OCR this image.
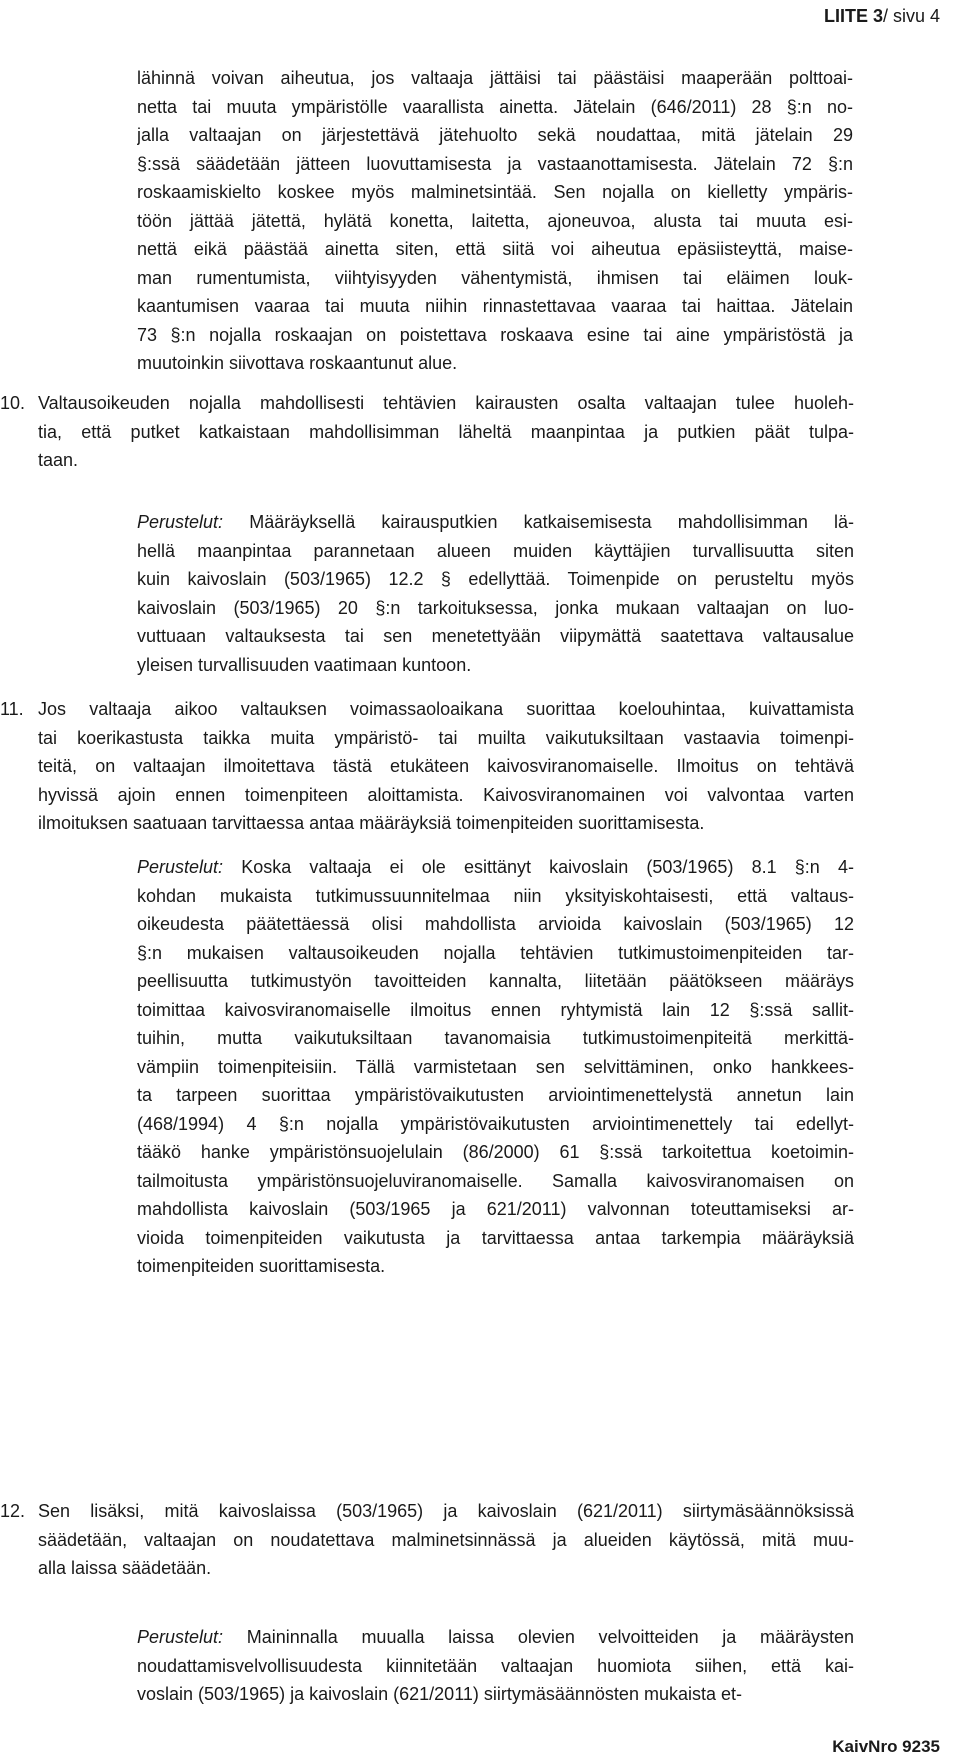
LIITE 3/ sivu 4
lähinnä voivan aiheutua, jos valtaaja jättäisi tai päästäisi maaperään polttoai-
netta tai muuta ympäristölle vaarallista ainetta. Jätelain (646/2011) 28 §:n no-
jalla valtaajan on järjestettävä jätehuolto sekä noudattaa, mitä jätelain 29
§:ssä säädetään jätteen luovuttamisesta ja vastaanottamisesta. Jätelain 72 §:n
roskaamiskielto koskee myös malminetsintää. Sen nojalla on kielletty ympäris-
töön jättää jätettä, hylätä konetta, laitetta, ajoneuvoa, alusta tai muuta esi-
nettä eikä päästää ainetta siten, että siitä voi aiheutua epäsiisteyttä, maise-
man rumentumista, viihtyisyyden vähentymistä, ihmisen tai eläimen louk-
kaantumisen vaaraa tai muuta niihin rinnastettavaa vaaraa tai haittaa. Jätelain
73 §:n nojalla roskaajan on poistettava roskaava esine tai aine ympäristöstä ja
muutoinkin siivottava roskaantunut alue.
10. Valtausoikeuden nojalla mahdollisesti tehtävien kairausten osalta valtaajan tulee huoleh-
tia, että putket katkaistaan mahdollisimman läheltä maanpintaa ja putkien päät tulpa-
taan.
Perustelut: Määräyksellä kairausputkien katkaisemisesta mahdollisimman lä-
hellä maanpintaa parannetaan alueen muiden käyttäjien turvallisuutta siten
kuin kaivoslain (503/1965) 12.2 § edellyttää. Toimenpide on perusteltu myös
kaivoslain (503/1965) 20 §:n tarkoituksessa, jonka mukaan valtaajan on luo-
vuttuaan valtauksesta tai sen menetettyään viipymättä saatettava valtausalue
yleisen turvallisuuden vaatimaan kuntoon.
11. Jos valtaaja aikoo valtauksen voimassaoloaikana suorittaa koelouhintaa, kuivattamista
tai koerikastusta taikka muita ympäristö- tai muilta vaikutuksiltaan vastaavia toimenpi-
teitä, on valtaajan ilmoitettava tästä etukäteen kaivosviranomaiselle. Ilmoitus on tehtävä
hyvissä ajoin ennen toimenpiteen aloittamista. Kaivosviranomainen voi valvontaa varten
ilmoituksen saatuaan tarvittaessa antaa määräyksiä toimenpiteiden suorittamisesta.
Perustelut: Koska valtaaja ei ole esittänyt kaivoslain (503/1965) 8.1 §:n 4-
kohdan mukaista tutkimussuunnitelmaa niin yksityiskohtaisesti, että valtaus-
oikeudesta päätettäessä olisi mahdollista arvioida kaivoslain (503/1965) 12
§:n mukaisen valtausoikeuden nojalla tehtävien tutkimustoimenpiteiden tar-
peellisuutta tutkimustyön tavoitteiden kannalta, liitetään päätökseen määräys
toimittaa kaivosviranomaiselle ilmoitus ennen ryhtymistä lain 12 §:ssä sallit-
tuihin, mutta vaikutuksiltaan tavanomaisia tutkimustoimenpiteitä merkittä-
vämpiin toimenpiteisiin. Tällä varmistetaan sen selvittäminen, onko hankkees-
ta tarpeen suorittaa ympäristövaikutusten arviointimenettelystä annetun lain
(468/1994) 4 §:n nojalla ympäristövaikutusten arviointimenettely tai edellyt-
tääkö hanke ympäristönsuojelulain (86/2000) 61 §:ssä tarkoitettua koetoimin-
tailmoitusta ympäristönsuojeluviranomaiselle. Samalla kaivosviranomaisen on
mahdollista kaivoslain (503/1965 ja 621/2011) valvonnan toteuttamiseksi ar-
vioida toimenpiteiden vaikutusta ja tarvittaessa antaa tarkempia määräyksiä
toimenpiteiden suorittamisesta.
12. Sen lisäksi, mitä kaivoslaissa (503/1965) ja kaivoslain (621/2011) siirtymäsäännöksissä
säädetään, valtaajan on noudatettava malminetsinnässä ja alueiden käytössä, mitä muu-
alla laissa säädetään.
Perustelut: Maininnalla muualla laissa olevien velvoitteiden ja määräysten
noudattamisvelvollisuudesta kiinnitetään valtaajan huomiota siihen, että kai-
voslain (503/1965) ja kaivoslain (621/2011) siirtymäsäännösten mukaista et-
KaivNro 9235
